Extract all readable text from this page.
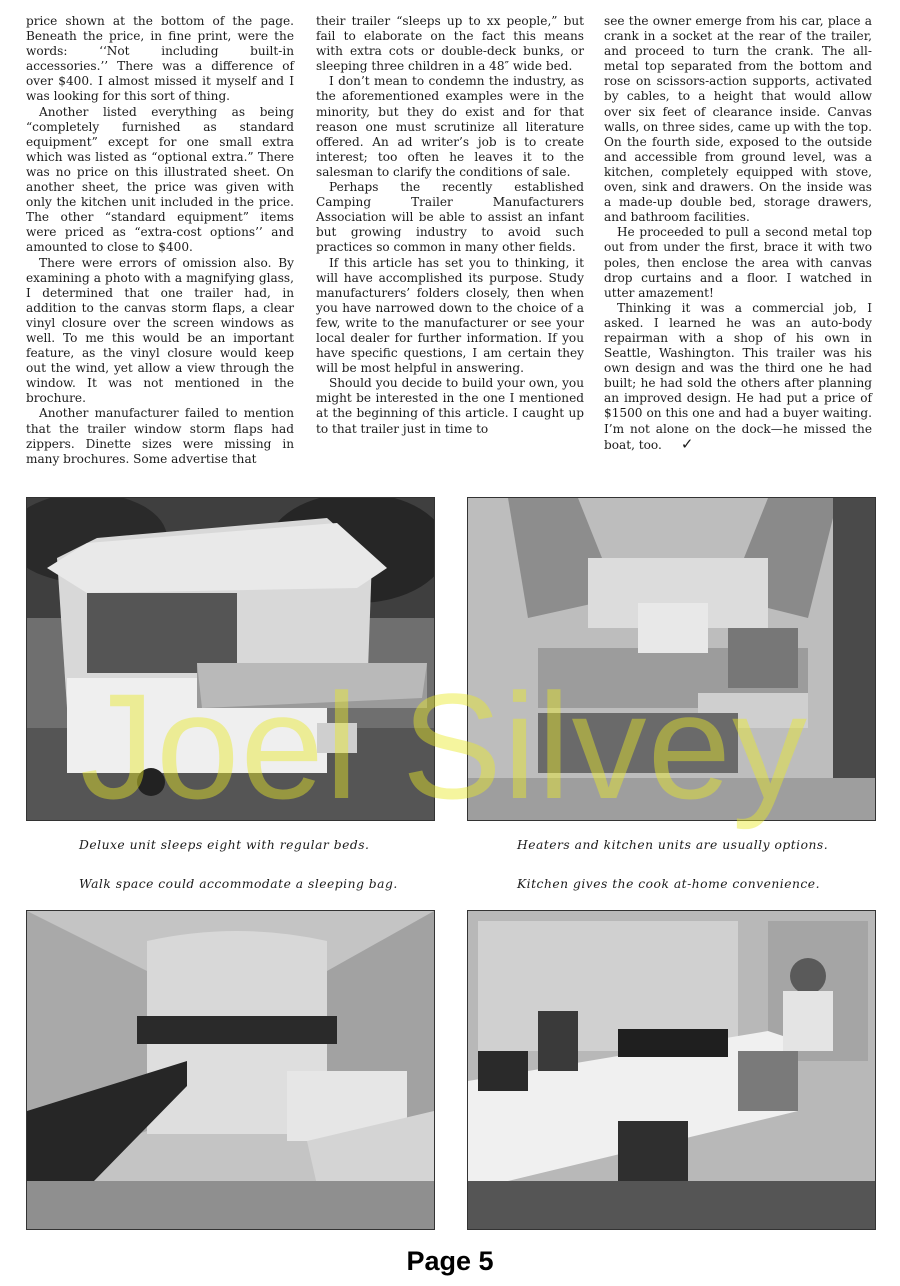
price shown at the bottom of the page. Beneath the price, in fine print, were the words: ‘‘Not including built-in accessories.’’ There was a difference of over $400. I almost missed it myself and I was looking for this sort of thing.

Another listed everything as being “completely furnished as standard equipment” except for one small extra which was listed as “optional extra.” There was no price on this illustrated sheet. On another sheet, the price was given with only the kitchen unit included in the price. The other “standard equipment” items were priced as “extra-cost options’’ and amounted to close to $400.

There were errors of omission also. By examining a photo with a magnifying glass, I determined that one trailer had, in addition to the canvas storm flaps, a clear vinyl closure over the screen windows as well. To me this would be an important feature, as the vinyl closure would keep out the wind, yet allow a view through the window. It was not mentioned in the brochure.

Another manufacturer failed to mention that the trailer window storm flaps had zippers. Dinette sizes were missing in many brochures. Some advertise that

their trailer “sleeps up to xx people,” but fail to elaborate on the fact this means with extra cots or double-deck bunks, or sleeping three children in a 48″ wide bed.

I don’t mean to condemn the industry, as the aforementioned examples were in the minority, but they do exist and for that reason one must scrutinize all literature offered. An ad writer’s job is to create interest; too often he leaves it to the salesman to clarify the conditions of sale.

Perhaps the recently established Camping Trailer Manufacturers Association will be able to assist an infant but growing industry to avoid such practices so common in many other fields.

If this article has set you to thinking, it will have accomplished its purpose. Study manufacturers’ folders closely, then when you have narrowed down to the choice of a few, write to the manufacturer or see your local dealer for further information. If you have specific questions, I am certain they will be most helpful in answering.

Should you decide to build your own, you might be interested in the one I mentioned at the beginning of this article. I caught up to that trailer just in time to

see the owner emerge from his car, place a crank in a socket at the rear of the trailer, and proceed to turn the crank. The all-metal top separated from the bottom and rose on scissors-action supports, activated by cables, to a height that would allow over six feet of clearance inside. Canvas walls, on three sides, came up with the top. On the fourth side, exposed to the outside and accessible from ground level, was a kitchen, completely equipped with stove, oven, sink and drawers. On the inside was a made-up double bed, storage drawers, and bathroom facilities.

He proceeded to pull a second metal top out from under the first, brace it with two poles, then enclose the area with canvas drop curtains and a floor. I watched in utter amazement!

Thinking it was a commercial job, I asked. I learned he was an auto-body repairman with a shop of his own in Seattle, Washington. This trailer was his own design and was the third one he had built; he had sold the others after planning an improved design. He had put a price of $1500 on this one and had a buyer waiting. I’m not alone on the dock—he missed the boat, too. ✓

Deluxe unit sleeps eight with regular beds.	Heaters and kitchen units are usually options.
Walk space could accommodate a sleeping bag.	Kitchen gives the cook at-home convenience.
Joel Silvey
Page 5
